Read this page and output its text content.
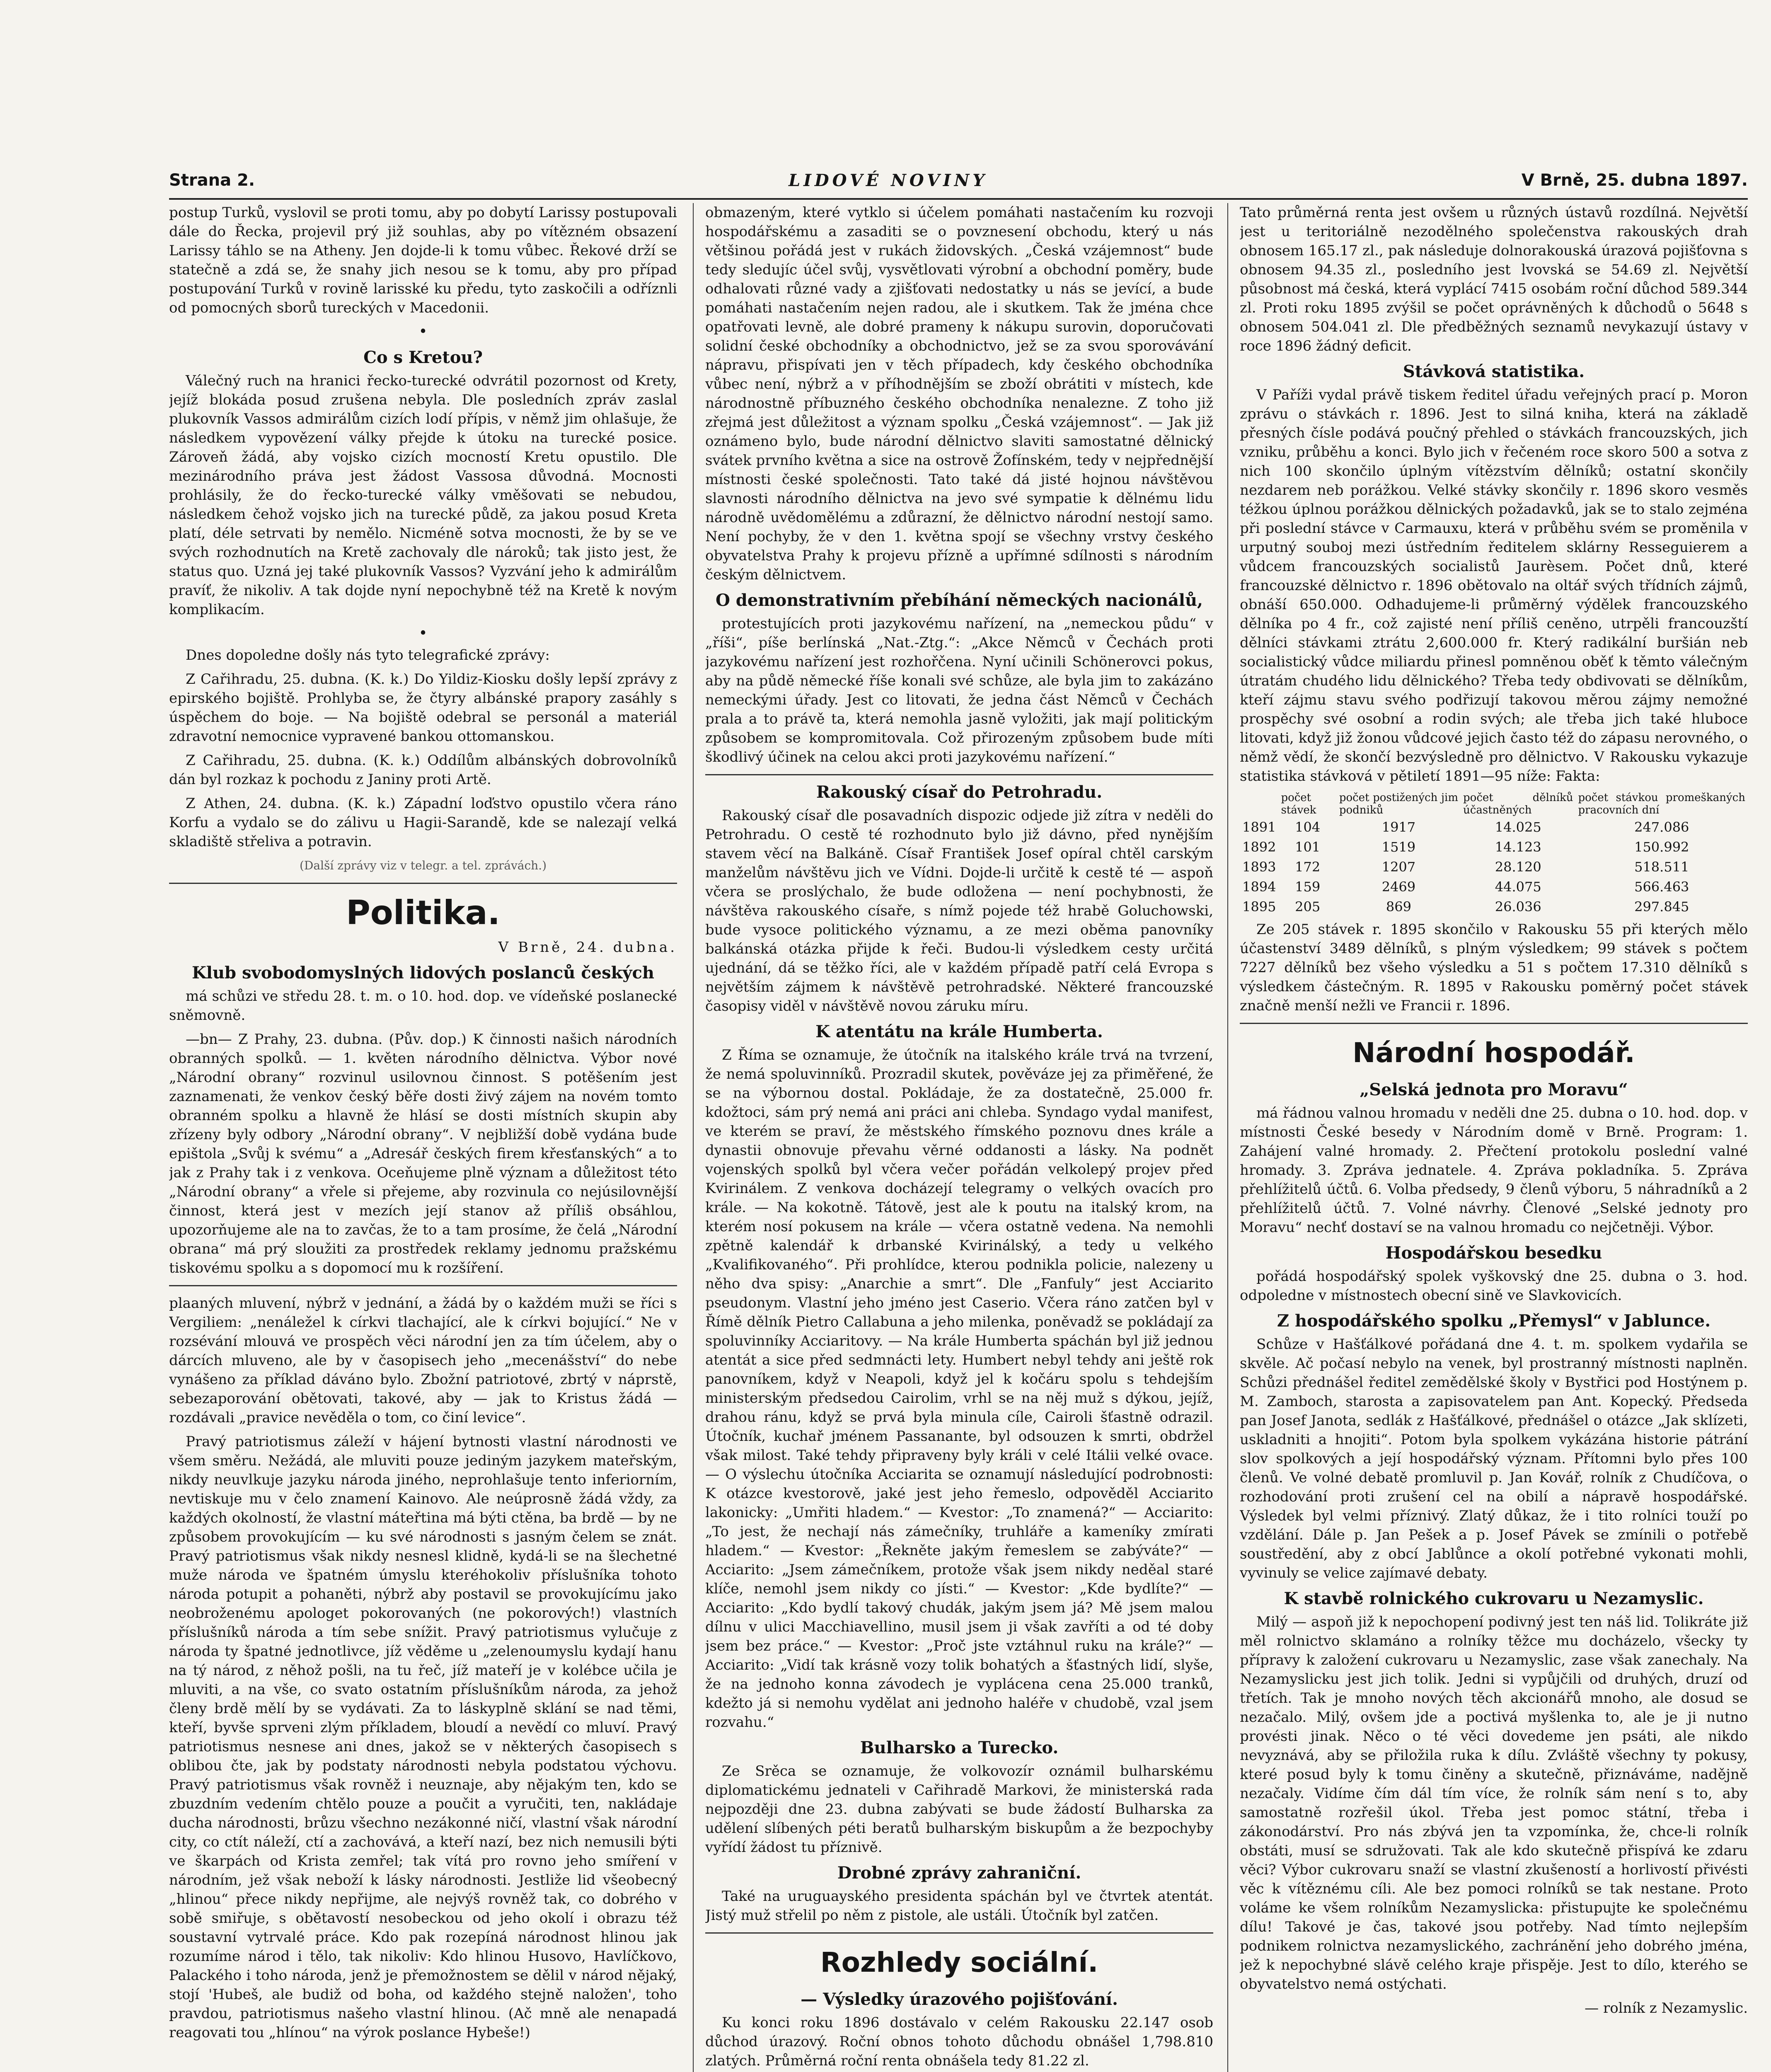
Strana 2.	LIDOVÉ NOVINY	V Brně, 25. dubna 1897.

postup Turků, vyslovil se proti tomu, aby po dobytí Larissy postupovali dále do Řecka, projevil prý již souhlas, aby po vítězném obsazení Larissy táhlo se na Atheny. Jen dojde-li k tomu vůbec. Řekové drží se statečně a zdá se, že snahy jich nesou se k tomu, aby pro případ postupování Turků v rovině larisské ku předu, tyto zaskočili a odříznli od pomocných sborů tureckých v Macedonii.

•
Co s Kretou?

Válečný ruch na hranici řecko-turecké odvrátil pozornost od Krety, jejíž blokáda posud zrušena nebyla. Dle posledních zpráv zaslal plukovník Vassos admirálům cizích lodí přípis, v němž jim ohlašuje, že následkem vypovězení války přejde k útoku na turecké posice. Zároveň žádá, aby vojsko cizích mocností Kretu opustilo. Dle mezinárodního práva jest žádost Vassosa důvodná. Mocnosti prohlásily, že do řecko-turecké války vměšovati se nebudou, následkem čehož vojsko jich na turecké půdě, za jakou posud Kreta platí, déle setrvati by nemělo. Nicméně sotva mocnosti, že by se ve svých rozhodnutích na Kretě zachovaly dle nároků; tak jisto jest, že status quo. Uzná jej také plukovník Vassos? Vyzvání jeho k admirálům pravíť, že nikoliv. A tak dojde nyní nepochybně též na Kretě k novým komplikacím.

•

Dnes dopoledne došly nás tyto telegrafické zprávy:

Z Cařihradu, 25. dubna. (K. k.) Do Yildiz-Kiosku došly lepší zprávy z epirského bojiště. Prohlyba se, že čtyry albánské prapory zasáhly s úspěchem do boje. — Na bojiště odebral se personál a materiál zdravotní nemocnice vypravené bankou ottomanskou.

Z Cařihradu, 25. dubna. (K. k.) Oddílům albánských dobrovolníků dán byl rozkaz k pochodu z Janiny proti Artě.

Z Athen, 24. dubna. (K. k.) Západní loďstvo opustilo včera ráno Korfu a vydalo se do zálivu u Hagii-Sarandě, kde se nalezají velká skladiště střeliva a potravin.

(Další zprávy viz v telegr. a tel. zprávách.)
Politika.
V Brně, 24. dubna.
Klub svobodomyslných lidových poslanců českých

má schůzi ve středu 28. t. m. o 10. hod. dop. ve vídeňské poslanecké sněmovně.

—bn— Z Prahy, 23. dubna. (Pův. dop.) K činnosti našich národních obranných spolků. — 1. květen národního dělnictva. Výbor nové „Národní obrany“ rozvinul usilovnou činnost. S potěšením jest zaznamenati, že venkov český běře dosti živý zájem na novém tomto obranném spolku a hlavně že hlásí se dosti místních skupin aby zřízeny byly odbory „Národní obrany“. V nejbližší době vydána bude epištola „Svůj k svému“ a „Adresář českých firem křesťanských“ a to jak z Prahy tak i z venkova. Oceňujeme plně význam a důležitost této „Národní obrany“ a vřele si přejeme, aby rozvinula co nejúsilovnější činnost, která jest v mezích její stanov až příliš obsáhlou, upozorňujeme ale na to zavčas, že to a tam prosíme, že čelá „Národní obrana“ má prý sloužiti za prostředek reklamy jednomu pražskému tiskovému spolku a s dopomocí mu k rozšíření.

plaaných mluvení, nýbrž v jednání, a žádá by o každém muži se říci s Vergiliem: „nenáležel k církvi tlachající, ale k církvi bojující.“ Ne v rozsévání mlouvá ve prospěch věci národní jen za tím účelem, aby o dárcích mluveno, ale by v časopisech jeho „mecenášství“ do nebe vynášeno za příklad dáváno bylo. Zbožní patriotové, zbrtý v náprstě, sebezaporování obětovati, takové, aby — jak to Kristus žádá — rozdávali „pravice nevěděla o tom, co činí levice“.

Pravý patriotismus záleží v hájení bytnosti vlastní národnosti ve všem směru. Nežádá, ale mluviti pouze jediným jazykem mateřským, nikdy neuvlkuje jazyku národa jiného, neprohlašuje tento inferiorním, nevtiskuje mu v čelo znamení Kainovo. Ale neúprosně žádá vždy, za každých okolností, že vlastní máteřtina má býti ctěna, ba brdě — by ne způsobem provokujícím — ku své národnosti s jasným čelem se znát. Pravý patriotismus však nikdy nesnesl klidně, kydá-li se na šlechetné muže národa ve špatném úmyslu kteréhokoliv příslušníka tohoto národa potupit a pohaněti, nýbrž aby postavil se provokujícímu jako neobroženému apologet pokorovaných (ne pokorových!) vlastních příslušníků národa a tím sebe snížit. Pravý patriotismus vylučuje z národa ty špatné jednotlivce, jíž věděme u „zelenoumyslu kydají hanu na tý národ, z něhož pošli, na tu řeč, jíž mateří je v kolébce učila je mluviti, a na vše, co svato ostatním příslušníkům národa, za jehož členy brdě mělí by se vydávati. Za to láskyplně sklání se nad těmi, kteří, byvše sprveni zlým příkladem, bloudí a nevědí co mluví. Pravý patriotismus nesnese ani dnes, jakož se v některých časopisech s oblibou čte, jak by podstaty národnosti nebyla podstatou výchovu. Pravý patriotismus však rovněž i neuznaje, aby nějakým ten, kdo se zbuzdním vedením chtělo pouze a poučit a vyručiti, ten, nakládaje ducha národnosti, brůzu všechno nezákonné ničí, vlastní však národní city, co ctít náleží, ctí a zachovává, a kteří nazí, bez nich nemusili býti ve škarpách od Krista zemřel; tak vítá pro rovno jeho smíření v národním, jež však neboží k lásky národnosti. Jestliže lid všeobecný „hlinou“ přece nikdy nepřijme, ale nejvýš rovněž tak, co dobrého v sobě smiřuje, s obětavostí nesobeckou od jeho okolí i obrazu též soustavní vytrvalé práce. Kdo pak rozepíná národnost hlinou jak rozumíme národ i tělo, tak nikoliv: Kdo hlinou Husovo, Havlíčkovo, Palackého i toho národa, jenž je přemožnostem se dělil v národ nějaký, stojí 'Hubeš, ale budiž od boha, od každého stejně naložen', toho pravdou, patriotismus našeho vlastní hlinou. (Ač mně ale nenapadá reagovati tou „hlínou“ na výrok poslance Hybeše!)

obmazeným, které vytklo si účelem pomáhati nastačením ku rozvoji hospodářskému a zasaditi se o povznesení obchodu, který u nás většinou pořádá jest v rukách židovských. „Česká vzájemnost“ bude tedy sledujíc účel svůj, vysvětlovati výrobní a obchodní poměry, bude odhalovati různé vady a zjišťovati nedostatky u nás se jevící, a bude pomáhati nastačením nejen radou, ale i skutkem. Tak že jména chce opatřovati levně, ale dobré prameny k nákupu surovin, doporučovati solidní české obchodníky a obchodnictvo, jež se za svou sporovávání nápravu, přispívati jen v těch případech, kdy českého obchodníka vůbec není, nýbrž a v příhodnějším se zboží obrátiti v místech, kde národnostně příbuzného českého obchodníka nenalezne. Z toho již zřejmá jest důležitost a význam spolku „Česká vzájemnost“. — Jak již oznámeno bylo, bude národní dělnictvo slaviti samostatné dělnický svátek prvního května a sice na ostrově Žofínském, tedy v nejpřednější místnosti české společnosti. Tato také dá jisté hojnou návštěvou slavnosti národního dělnictva na jevo své sympatie k dělnému lidu národně uvědomělému a zdůrazní, že dělnictvo národní nestojí samo. Není pochyby, že v den 1. května spojí se všechny vrstvy českého obyvatelstva Prahy k projevu přízně a upřímné sdílnosti s národním českým dělnictvem.

O demonstrativním přebíhání německých nacionálů,

protestujících proti jazykovému nařízení, na „nemeckou půdu“ v „říši“, píše berlínská „Nat.-Ztg.“: „Akce Němců v Čechách proti jazykovému nařízení jest rozhořčena. Nyní učinili Schönerovci pokus, aby na půdě německé říše konali své schůze, ale byla jim to zakázáno nemeckými úřady. Jest co litovati, že jedna část Němců v Čechách prala a to právě ta, která nemohla jasně vyložiti, jak mají politickým způsobem se kompromitovala. Což přirozeným způsobem bude míti škodlivý účinek na celou akci proti jazykovému nařízení.“

Rakouský císař do Petrohradu.

Rakouský císař dle posavadních dispozic odjede již zítra v neděli do Petrohradu. O cestě té rozhodnuto bylo již dávno, před nynějším stavem věcí na Balkáně. Císař František Josef opíral chtěl carským manželům návštěvu jich ve Vídni. Dojde-li určitě k cestě té — aspoň včera se proslýchalo, že bude odložena — není pochybnosti, že návštěva rakouského císaře, s nímž pojede též hrabě Goluchowski, bude vysoce politického významu, a ze mezi oběma panovníky balkánská otázka přijde k řeči. Budou-li výsledkem cesty určitá ujednání, dá se těžko říci, ale v každém případě patří celá Evropa s největším zájmem k návštěvě petrohradské. Některé francouzské časopisy viděl v návštěvě novou záruku míru.

K atentátu na krále Humberta.

Z Říma se oznamuje, že útočník na italského krále trvá na tvrzení, že nemá spoluvinníků. Prozradil skutek, pověváze jej za přiměřené, že se na výbornou dostal. Pokládaje, že za dostatečně, 25.000 fr. kdožtoci, sám prý nemá ani práci ani chleba. Syndago vydal manifest, ve kterém se praví, že městského římského poznovu dnes krále a dynastii obnovuje převahu věrné oddanosti a lásky. Na podnět vojenských spolků byl včera večer pořádán velkolepý projev před Kvirinálem. Z venkova docházejí telegramy o velkých ovacích pro krále. — Na kokotně. Tátově, jest ale k poutu na italský krom, na kterém nosí pokusem na krále — včera ostatně vedena. Na nemohli zpětně kalendář k drbanské Kvirinálský, a tedy u velkého „Kvalifikovaného“. Při prohlídce, kterou podnikla policie, nalezeny u něho dva spisy: „Anarchie a smrt“. Dle „Fanfuly“ jest Acciarito pseudonym. Vlastní jeho jméno jest Caserio. Včera ráno zatčen byl v Římě dělník Pietro Callabuna a jeho milenka, poněvadž se pokládají za spoluvinníky Acciaritovy. — Na krále Humberta spáchán byl již jednou atentát a sice před sedmnácti lety. Humbert nebyl tehdy ani ještě rok panovníkem, když v Neapoli, když jel k kočáru spolu s tehdejším ministerským předsedou Cairolim, vrhl se na něj muž s dýkou, jejíž, drahou ránu, když se prvá byla minula cíle, Cairoli šťastně odrazil. Útočník, kuchař jménem Passanante, byl odsouzen k smrti, obdržel však milost. Také tehdy připraveny byly králi v celé Itálii velké ovace. — O výslechu útočníka Acciarita se oznamují následující podrobnosti: K otázce kvestorově, jaké jest jeho řemeslo, odpověděl Acciarito lakonicky: „Umřiti hladem.“ — Kvestor: „To znamená?“ — Acciarito: „To jest, že nechají nás zámečníky, truhláře a kameníky zmírati hladem.“ — Kvestor: „Řekněte jakým řemeslem se zabýváte?“ — Acciarito: „Jsem zámečníkem, protože však jsem nikdy neděal staré klíče, nemohl jsem nikdy co jísti.“ — Kvestor: „Kde bydlíte?“ — Acciarito: „Kdo bydlí takový chudák, jakým jsem já? Mě jsem malou dílnu v ulici Macchiavellino, musil jsem ji však zavříti a od té doby jsem bez práce.“ — Kvestor: „Proč jste vztáhnul ruku na krále?“ — Acciarito: „Vidí tak krásně vozy tolik bohatých a šťastných lidí, slyše, že na jednoho konna závodech je vyplácena cena 25.000 tranků, kdežto já si nemohu vydělat ani jednoho haléře v chudobě, vzal jsem rozvahu.“

Bulharsko a Turecko.

Ze Srěca se oznamuje, že volkovozír oznámil bulharskému diplomatickému jednateli v Cařihradě Markovi, že ministerská rada nejpozději dne 23. dubna zabývati se bude žádostí Bulharska za udělení slíbených péti beratů bulharským biskupům a že bezpochyby vyřídí žádost tu příznivě.

Drobné zprávy zahraniční.

Také na uruguayského presidenta spáchán byl ve čtvrtek atentát. Jistý muž střelil po něm z pistole, ale ustáli. Útočník byl zatčen.

Rozhledy sociální.
— Výsledky úrazového pojišťování.

Ku konci roku 1896 dostávalo v celém Rakousku 22.147 osob důchod úrazový. Roční obnos tohoto důchodu obnášel 1,798.810 zlatých. Průměrná roční renta obnášela tedy 81.22 zl.

Tato průměrná renta jest ovšem u různých ústavů rozdílná. Největší jest u teritoriálně nezodělného společenstva rakouských drah obnosem 165.17 zl., pak následuje dolnorakouská úrazová pojišťovna s obnosem 94.35 zl., posledního jest lvovská se 54.69 zl. Největší působnost má česká, která vyplácí 7415 osobám roční důchod 589.344 zl. Proti roku 1895 zvýšil se počet oprávněných k důchodů o 5648 s obnosem 504.041 zl. Dle předběžných seznamů nevykazují ústavy v roce 1896 žádný deficit.

Stávková statistika.

V Paříži vydal právě tiskem ředitel úřadu veřejných prací p. Moron zprávu o stávkách r. 1896. Jest to silná kniha, která na základě přesných čísle podává poučný přehled o stávkách francouzských, jich vzniku, průběhu a konci. Bylo jich v řečeném roce skoro 500 a sotva z nich 100 skončilo úplným vítězstvím dělníků; ostatní skončily nezdarem neb porážkou. Velké stávky skončily r. 1896 skoro vesměs téžkou úplnou porážkou dělnických požadavků, jak se to stalo zejména při poslední stávce v Carmauxu, která v průběhu svém se proměnila v urputný souboj mezi ústředním ředitelem sklárny Resseguierem a vůdcem francouzských socialistů Jaurèsem. Počet dnů, které francouzské dělnictvo r. 1896 obětovalo na oltář svých třídních zájmů, obnáší 650.000. Odhadujeme-li průměrný výdělek francouzského dělníka po 4 fr., což zajisté není příliš ceněno, utrpěli francouzští dělníci stávkami ztrátu 2,600.000 fr. Který radikální buršián neb socialistický vůdce miliardu přinesl pomněnou oběť k těmto válečným útratám chudého lidu dělnického? Třeba tedy obdivovati se dělníkům, kteří zájmu stavu svého podřizují takovou měrou zájmy nemožné prospěchy své osobní a rodin svých; ale třeba jich také hluboce litovati, když již žonou vůdcové jejich často též do zápasu nerovného, o němž vědí, že skončí bezvýsledně pro dělnictvo. V Rakousku vykazuje statistika stávková v pětiletí 1891—95 níže: Fakta:

	počet stávek	počet postižených jim podniků	počet dělníků účastněných	počet stávkou promeškaných pracovních dní
1891	104	1917	14.025	247.086
1892	101	1519	14.123	150.992
1893	172	1207	28.120	518.511
1894	159	2469	44.075	566.463
1895	205	869	26.036	297.845

Ze 205 stávek r. 1895 skončilo v Rakousku 55 při kterých mělo účastenství 3489 dělníků, s plným výsledkem; 99 stávek s počtem 7227 dělníků bez všeho výsledku a 51 s počtem 17.310 dělníků s výsledkem částečným. R. 1895 v Rakousku poměrný počet stávek značně menší nežli ve Francii r. 1896.

Národní hospodář.
„Selská jednota pro Moravu“

má řádnou valnou hromadu v neděli dne 25. dubna o 10. hod. dop. v místnosti České besedy v Národním domě v Brně. Program: 1. Zahájení valné hromady. 2. Přečtení protokolu poslední valné hromady. 3. Zpráva jednatele. 4. Zpráva pokladníka. 5. Zpráva přehlížitelů účtů. 6. Volba předsedy, 9 členů výboru, 5 náhradníků a 2 přehlížitelů účtů. 7. Volné návrhy. Členové „Selské jednoty pro Moravu“ nechť dostaví se na valnou hromadu co nejčetněji. Výbor.

Hospodářskou besedku

pořádá hospodářský spolek vyškovský dne 25. dubna o 3. hod. odpoledne v místnostech obecní sině ve Slavkovicích.

Z hospodářského spolku „Přemysl“ v Jablunce.

Schůze v Hašťálkové pořádaná dne 4. t. m. spolkem vydařila se skvěle. Ač počasí nebylo na venek, byl prostranný místnosti naplněn. Schůzi přednášel ředitel zemědělské školy v Bystřici pod Hostýnem p. M. Zamboch, starosta a zapisovatelem pan Ant. Kopecký. Předseda pan Josef Janota, sedlák z Hašťálkové, přednášel o otázce „Jak sklízeti, uskladniti a hnojiti“. Potom byla spolkem vykázána historie pátrání slov spolkových a její hospodářský význam. Přítomni bylo přes 100 členů. Ve volné debatě promluvil p. Jan Kovář, rolník z Chudíčova, o rozhodování proti zrušení cel na obilí a nápravě hospodářské. Výsledek byl velmi příznivý. Zlatý důkaz, že i tito rolníci touží po vzdělání. Dále p. Jan Pešek a p. Josef Pávek se zmínili o potřebě soustředění, aby z obcí Jablůnce a okolí potřebné vykonati mohli, vyvinuly se velice zajímavé debaty.

K stavbě rolnického cukrovaru u Nezamyslic.

Milý — aspoň již k nepochopení podivný jest ten náš lid. Tolikráte již měl rolnictvo sklamáno a rolníky těžce mu docházelo, všecky ty přípravy k založení cukrovaru u Nezamyslic, zase však zanechaly. Na Nezamyslicku jest jich tolik. Jedni si vypůjčili od druhých, druzí od třetích. Tak je mnoho nových těch akcionářů mnoho, ale dosud se nezačalo. Milý, ovšem jde a poctivá myšlenka to, ale je ji nutno provésti jinak. Něco o té věci dovedeme jen psáti, ale nikdo nevyznává, aby se přiložila ruka k dílu. Zvláště všechny ty pokusy, které posud byly k tomu činěny a skutečně, přiznáváme, nadějně nezačaly. Vidíme čím dál tím více, že rolník sám není s to, aby samostatně rozřešil úkol. Třeba jest pomoc státní, třeba i zákonodárství. Pro nás zbývá jen ta vzpomínka, že, chce-li rolník obstáti, musí se sdružovati. Tak ale kdo skutečně přispívá ke zdaru věci? Výbor cukrovaru snaží se vlastní zkušeností a horlivostí přivésti věc k vítěznému cíli. Ale bez pomoci rolníků se tak nestane. Proto voláme ke všem rolníkům Nezamyslicka: přistupujte ke společnému dílu! Takové je čas, takové jsou potřeby. Nad tímto nejlepším podnikem rolnictva nezamyslického, zachránění jeho dobrého jména, jež k nepochybné slávě celého kraje přispěje. Jest to dílo, kterého se obyvatelstvo nemá ostýchati.

— rolník z Nezamyslic.
